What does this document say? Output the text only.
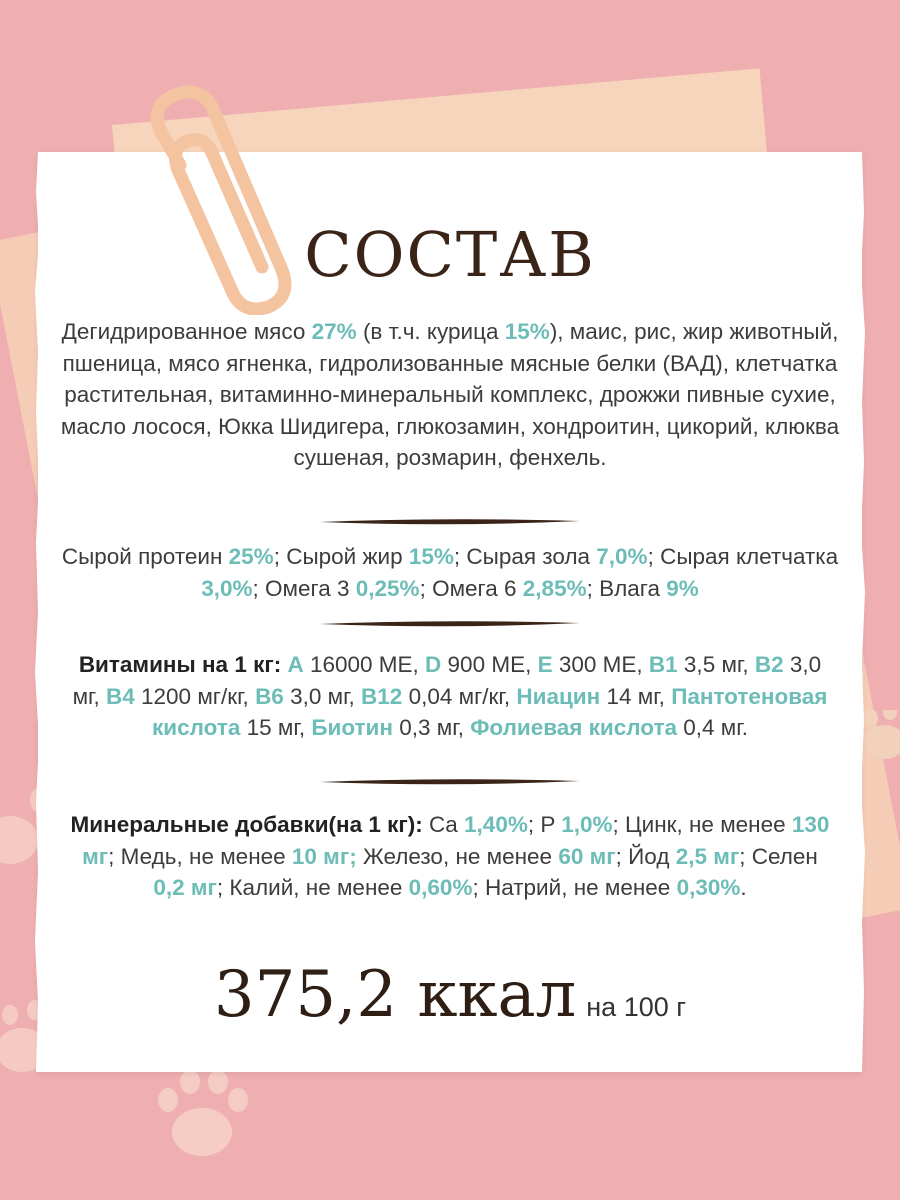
СОСТАВ
Дегидрированное мясо 27% (в т.ч. курица 15%), маис, рис, жир животный, пшеница, мясо ягненка, гидролизованные мясные белки (ВАД), клетчатка растительная, витаминно-минеральный комплекс, дрожжи пивные сухие, масло лосося, Юкка Шидигера, глюкозамин, хондроитин, цикорий, клюква сушеная, розмарин, фенхель.
Сырой протеин 25%; Сырой жир 15%; Сырая зола 7,0%; Сырая клетчатка 3,0%; Омега 3 0,25%; Омега 6 2,85%; Влага 9%
Витамины на 1 кг: A 16000 МЕ, D 900 МЕ, E 300 МЕ, B1 3,5 мг, B2 3,0 мг, B4 1200 мг/кг, B6 3,0 мг, B12 0,04 мг/кг, Ниацин 14 мг, Пантотеновая кислота 15 мг, Биотин 0,3 мг, Фолиевая кислота 0,4 мг.
Минеральные добавки(на 1 кг): Ca 1,40%; P 1,0%; Цинк, не менее 130 мг; Медь, не менее 10 мг; Железо, не менее 60 мг; Йод 2,5 мг; Селен 0,2 мг; Калий, не менее 0,60%; Натрий, не менее 0,30%.
375,2 ккал на 100 г
